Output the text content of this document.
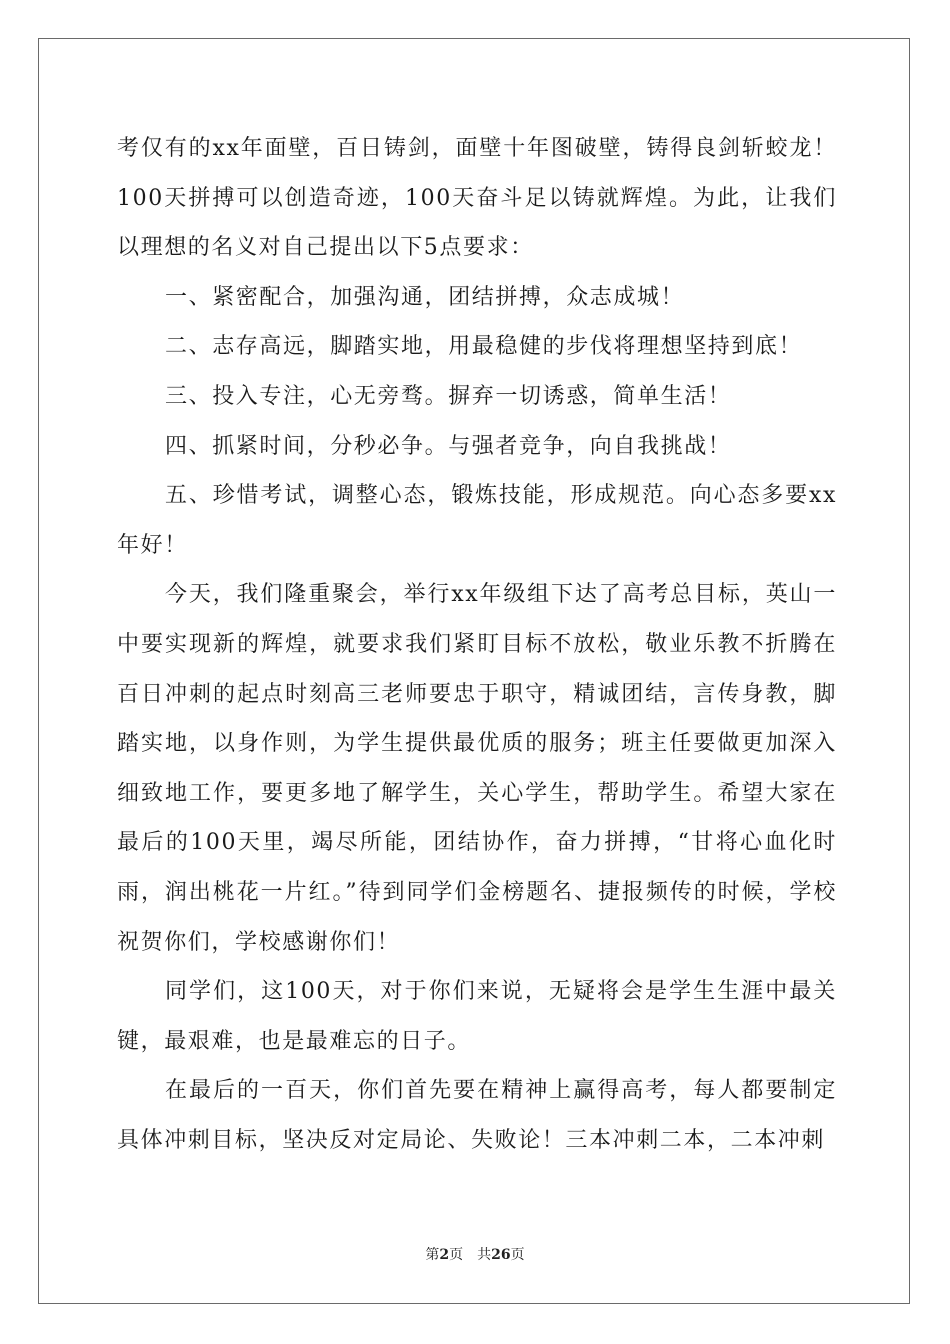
考仅有的xx年面壁，百日铸剑，面壁十年图破壁，铸得良剑斩蛟龙！100天拼搏可以创造奇迹，100天奋斗足以铸就辉煌。为此，让我们以理想的名义对自己提出以下5点要求：

一、紧密配合，加强沟通，团结拼搏，众志成城！

二、志存高远，脚踏实地，用最稳健的步伐将理想坚持到底！

三、投入专注，心无旁骛。摒弃一切诱惑，简单生活！

四、抓紧时间，分秒必争。与强者竞争，向自我挑战！

五、珍惜考试，调整心态，锻炼技能，形成规范。向心态多要xx年好！

今天，我们隆重聚会，举行xx年级组下达了高考总目标，英山一中要实现新的辉煌，就要求我们紧盯目标不放松，敬业乐教不折腾在百日冲刺的起点时刻高三老师要忠于职守，精诚团结，言传身教，脚踏实地，以身作则，为学生提供最优质的服务；班主任要做更加深入细致地工作，要更多地了解学生，关心学生，帮助学生。希望大家在最后的100天里，竭尽所能，团结协作，奋力拼搏，“甘将心血化时雨，润出桃花一片红。”待到同学们金榜题名、捷报频传的时候，学校祝贺你们，学校感谢你们！

同学们，这100天，对于你们来说，无疑将会是学生生涯中最关键，最艰难，也是最难忘的日子。

在最后的一百天，你们首先要在精神上赢得高考，每人都要制定具体冲刺目标，坚决反对定局论、失败论！三本冲刺二本，二本冲刺

第2页 共26页
